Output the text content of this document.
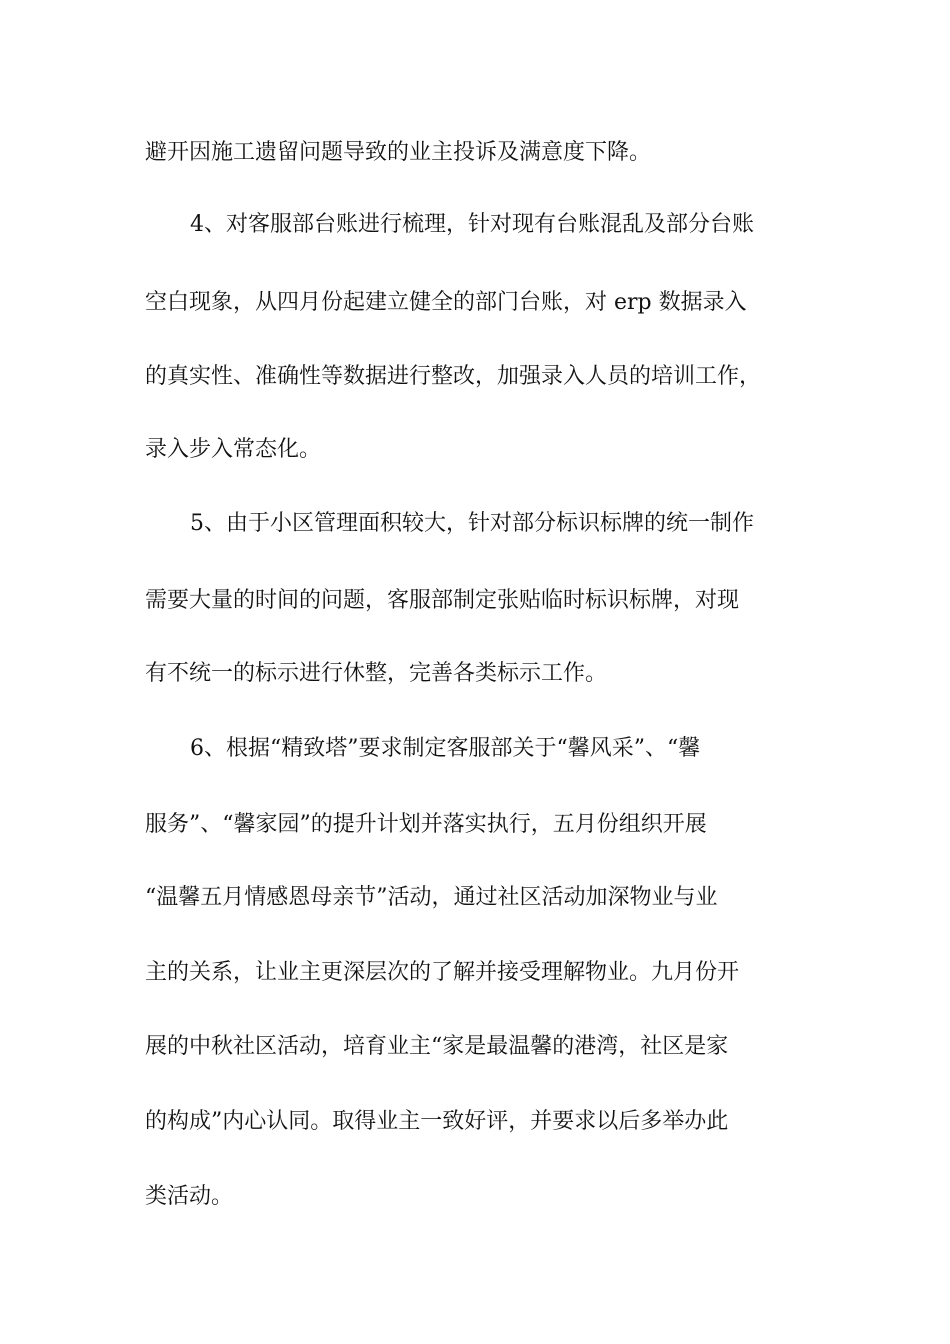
避开因施工遗留问题导致的业主投诉及满意度下降。
4、对客服部台账进行梳理，针对现有台账混乱及部分台账
空白现象，从四月份起建立健全的部门台账，对 erp 数据录入
的真实性、准确性等数据进行整改，加强录入人员的培训工作，
录入步入常态化。
5、由于小区管理面积较大，针对部分标识标牌的统一制作
需要大量的时间的问题，客服部制定张贴临时标识标牌，对现
有不统一的标示进行休整，完善各类标示工作。
6、根据“精致塔”要求制定客服部关于“馨风采”、“馨
服务”、“馨家园”的提升计划并落实执行，五月份组织开展
“温馨五月情感恩母亲节”活动，通过社区活动加深物业与业
主的关系，让业主更深层次的了解并接受理解物业。九月份开
展的中秋社区活动，培育业主“家是最温馨的港湾，社区是家
的构成”内心认同。取得业主一致好评，并要求以后多举办此
类活动。
